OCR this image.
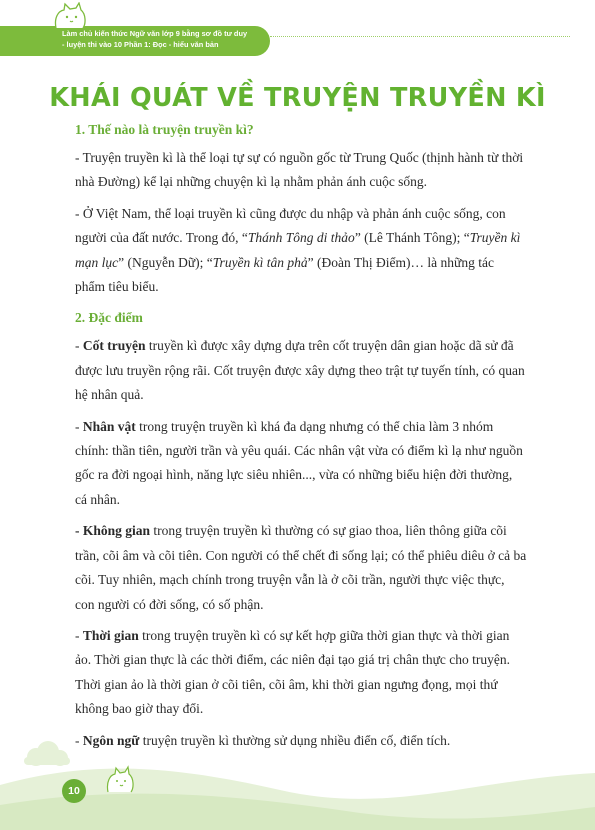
Làm chủ kiến thức Ngữ văn lớp 9 bằng sơ đồ tư duy
- luyện thi vào 10 Phần 1: Đọc - hiểu văn bản
KHÁI QUÁT VỀ TRUYỆN TRUYỀN KÌ
1. Thế nào là truyện truyền kì?

- Truyện truyền kì là thể loại tự sự có nguồn gốc từ Trung Quốc (thịnh hành từ thời nhà Đường) kể lại những chuyện kì lạ nhằm phản ánh cuộc sống.

- Ở Việt Nam, thể loại truyền kì cũng được du nhập và phản ánh cuộc sống, con người của đất nước. Trong đó, “Thánh Tông di thảo” (Lê Thánh Tông); “Truyền kì mạn lục” (Nguyễn Dữ); “Truyền kì tân phả” (Đoàn Thị Điểm)… là những tác phẩm tiêu biểu.

2. Đặc điểm

- Cốt truyện truyền kì được xây dựng dựa trên cốt truyện dân gian hoặc dã sử đã được lưu truyền rộng rãi. Cốt truyện được xây dựng theo trật tự tuyến tính, có quan hệ nhân quả.

- Nhân vật trong truyện truyền kì khá đa dạng nhưng có thể chia làm 3 nhóm chính: thần tiên, người trần và yêu quái. Các nhân vật vừa có điểm kì lạ như nguồn gốc ra đời ngoại hình, năng lực siêu nhiên..., vừa có những biểu hiện đời thường, cá nhân.

- Không gian trong truyện truyền kì thường có sự giao thoa, liên thông giữa cõi trần, cõi âm và cõi tiên. Con người có thể chết đi sống lại; có thể phiêu diêu ở cả ba cõi. Tuy nhiên, mạch chính trong truyện vẫn là ở cõi trần, người thực việc thực, con người có đời sống, có số phận.

- Thời gian trong truyện truyền kì có sự kết hợp giữa thời gian thực và thời gian ảo. Thời gian thực là các thời điểm, các niên đại tạo giá trị chân thực cho truyện. Thời gian ảo là thời gian ở cõi tiên, cõi âm, khi thời gian ngưng đọng, mọi thứ không bao giờ thay đổi.

- Ngôn ngữ truyện truyền kì thường sử dụng nhiều điển cố, điển tích.

10
